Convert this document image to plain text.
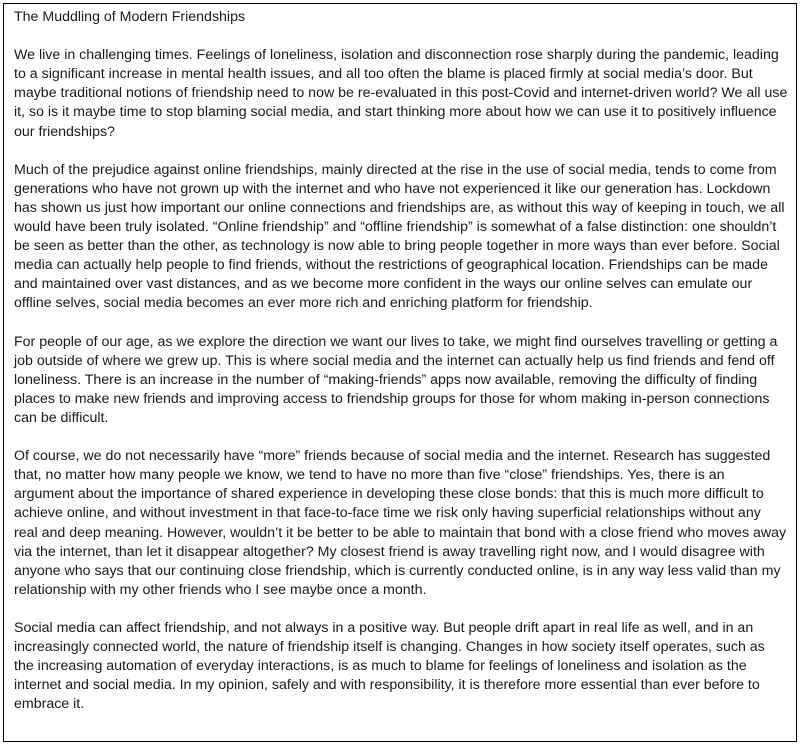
The Muddling of Modern Friendships

We live in challenging times. Feelings of loneliness, isolation and disconnection rose sharply during the pandemic, leading to a significant increase in mental health issues, and all too often the blame is placed firmly at social media’s door. But maybe traditional notions of friendship need to now be re-evaluated in this post-Covid and internet-driven world? We all use it, so is it maybe time to stop blaming social media, and start thinking more about how we can use it to positively influence our friendships?

Much of the prejudice against online friendships, mainly directed at the rise in the use of social media, tends to come from generations who have not grown up with the internet and who have not experienced it like our generation has. Lockdown has shown us just how important our online connections and friendships are, as without this way of keeping in touch, we all would have been truly isolated. “Online friendship” and “offline friendship” is somewhat of a false distinction: one shouldn’t be seen as better than the other, as technology is now able to bring people together in more ways than ever before. Social media can actually help people to find friends, without the restrictions of geographical location. Friendships can be made and maintained over vast distances, and as we become more confident in the ways our online selves can emulate our offline selves, social media becomes an ever more rich and enriching platform for friendship.

For people of our age, as we explore the direction we want our lives to take, we might find ourselves travelling or getting a job outside of where we grew up. This is where social media and the internet can actually help us find friends and fend off loneliness. There is an increase in the number of “making-friends” apps now available, removing the difficulty of finding places to make new friends and improving access to friendship groups for those for whom making in-person connections can be difficult.

Of course, we do not necessarily have “more” friends because of social media and the internet. Research has suggested that, no matter how many people we know, we tend to have no more than five “close” friendships. Yes, there is an argument about the importance of shared experience in developing these close bonds: that this is much more difficult to achieve online, and without investment in that face-to-face time we risk only having superficial relationships without any real and deep meaning. However, wouldn’t it be better to be able to maintain that bond with a close friend who moves away via the internet, than let it disappear altogether? My closest friend is away travelling right now, and I would disagree with anyone who says that our continuing close friendship, which is currently conducted online, is in any way less valid than my relationship with my other friends who I see maybe once a month.

Social media can affect friendship, and not always in a positive way. But people drift apart in real life as well, and in an increasingly connected world, the nature of friendship itself is changing. Changes in how society itself operates, such as the increasing automation of everyday interactions, is as much to blame for feelings of loneliness and isolation as the internet and social media. In my opinion, safely and with responsibility, it is therefore more essential than ever before to embrace it.
